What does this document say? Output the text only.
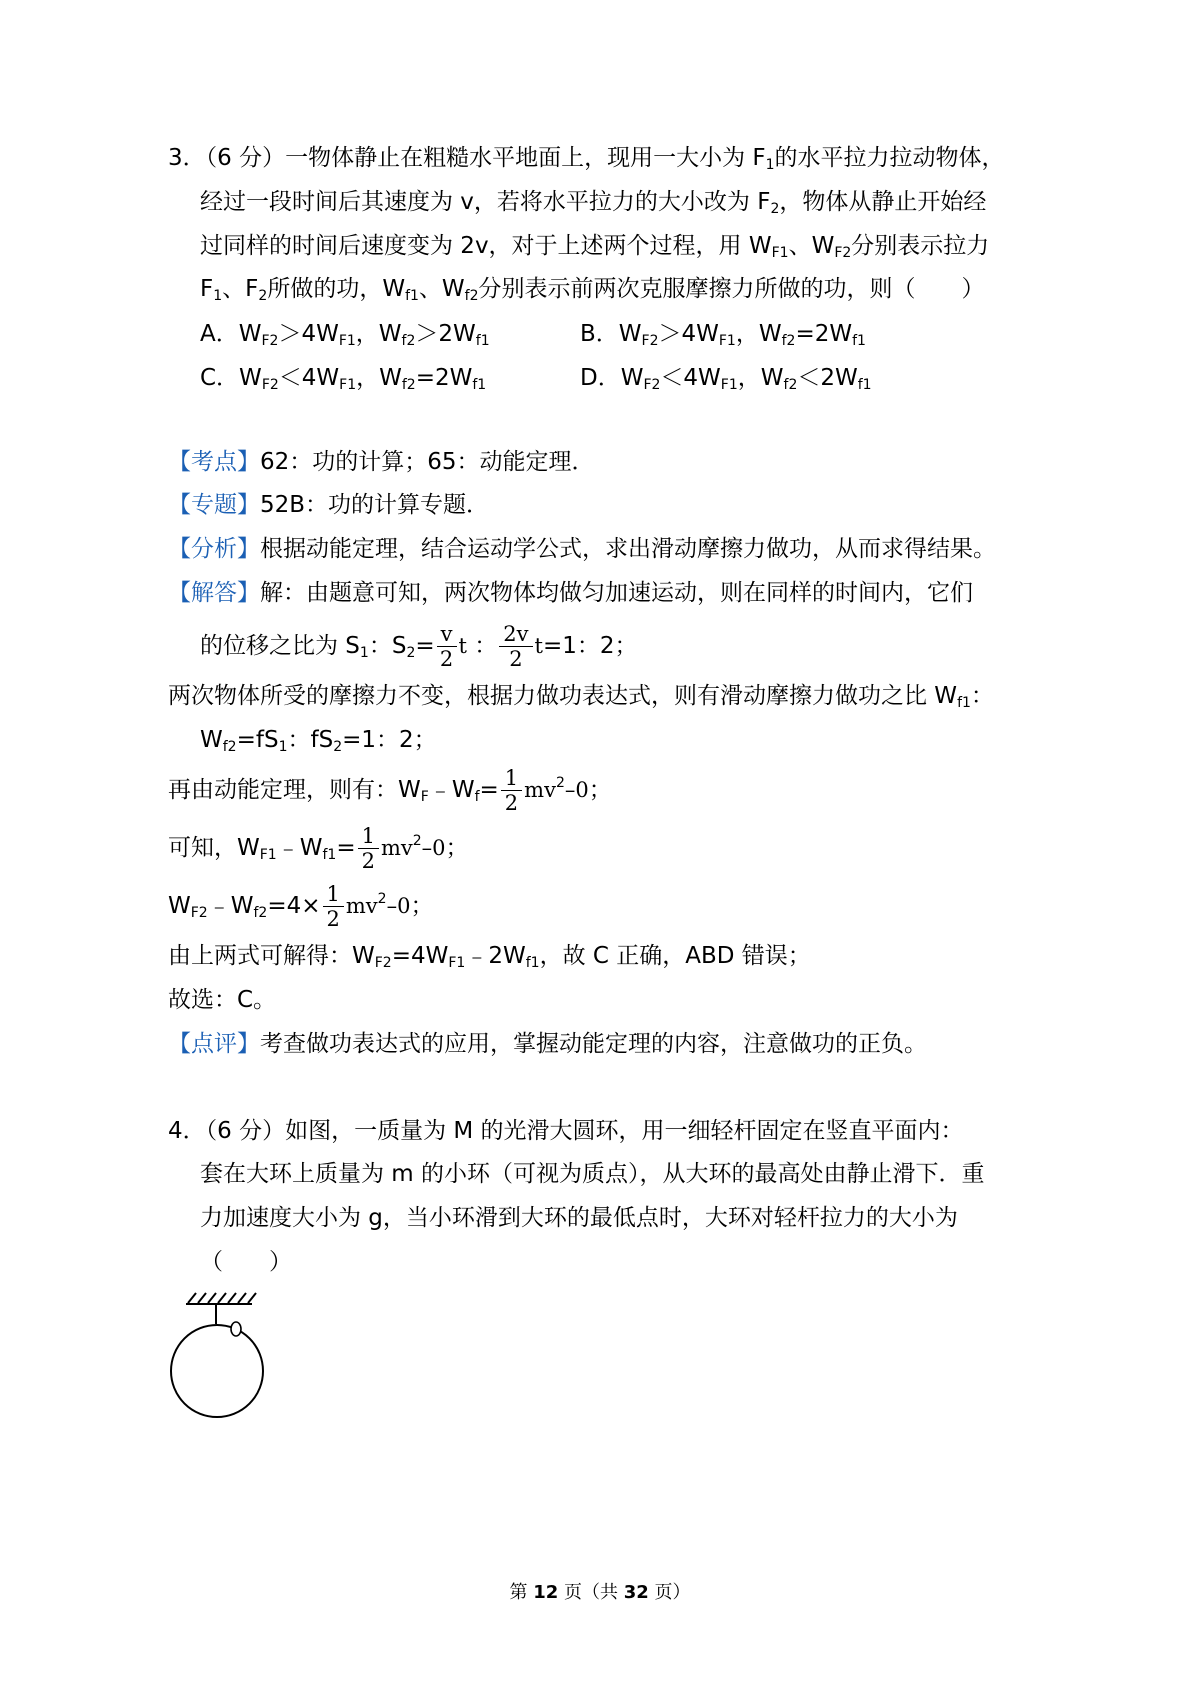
3．（6 分）一物体静止在粗糙水平地面上，现用一大小为 $F_1$的水平拉力拉动物体，
经过一段时间后其速度为 v，若将水平拉力的大小改为 $F_2$，物体从静止开始经
过同样的时间后速度变为 2v，对于上述两个过程，用 $W_{F1}$、$W_{F2}$分别表示拉力
$F_1$、$F_2$所做的功，$W_{f1}$、$W_{f2}$分别表示前两次克服摩擦力所做的功，则（　　）
A．$W_{F2}>4W_{F1}$，$W_{f2}>2W_{f1}$	B．$W_{F2}>4W_{F1}$，$W_{f2}=2W_{f1}$
C．$W_{F2}<4W_{F1}$，$W_{f2}=2W_{f1}$	D．$W_{F2}<4W_{F1}$，$W_{f2}<2W_{f1}$
【考点】62：功的计算；65：动能定理．
【专题】52B：功的计算专题．
【分析】根据动能定理，结合运动学公式，求出滑动摩擦力做功，从而求得结果。
【解答】解：由题意可知，两次物体均做匀加速运动，则在同样的时间内，它们
的位移之比为 $S_1$：$S_2= \frac{v}{2}$ t ： $\frac{2v}{2} t=1$：2；
两次物体所受的摩擦力不变，根据力做功表达式，则有滑动摩擦力做功之比 $W_{f1}$：
$W_{f2}=fS_1$：$fS_2=1$：2；
再由动能定理，则有：$W_F﹣W_f= \frac{1}{2} mv^2-0$；
可知，$W_{F1}﹣W_{f1}= \frac{1}{2} mv^2-0$；
$W_{F2}﹣W_{f2}=4\times \frac{1}{2} mv^2-0$；
由上两式可解得：$W_{F2}=4W_{F1}﹣2W_{f1}$，故 C 正确，ABD 错误；
故选：C。
【点评】考查做功表达式的应用，掌握动能定理的内容，注意做功的正负。
4．（6 分）如图，一质量为 M 的光滑大圆环，用一细轻杆固定在竖直平面内：
套在大环上质量为 m 的小环（可视为质点），从大环的最高处由静止滑下．重
力加速度大小为 g，当小环滑到大环的最低点时，大环对轻杆拉力的大小为
（　　）
第 12 页（共 32 页）
